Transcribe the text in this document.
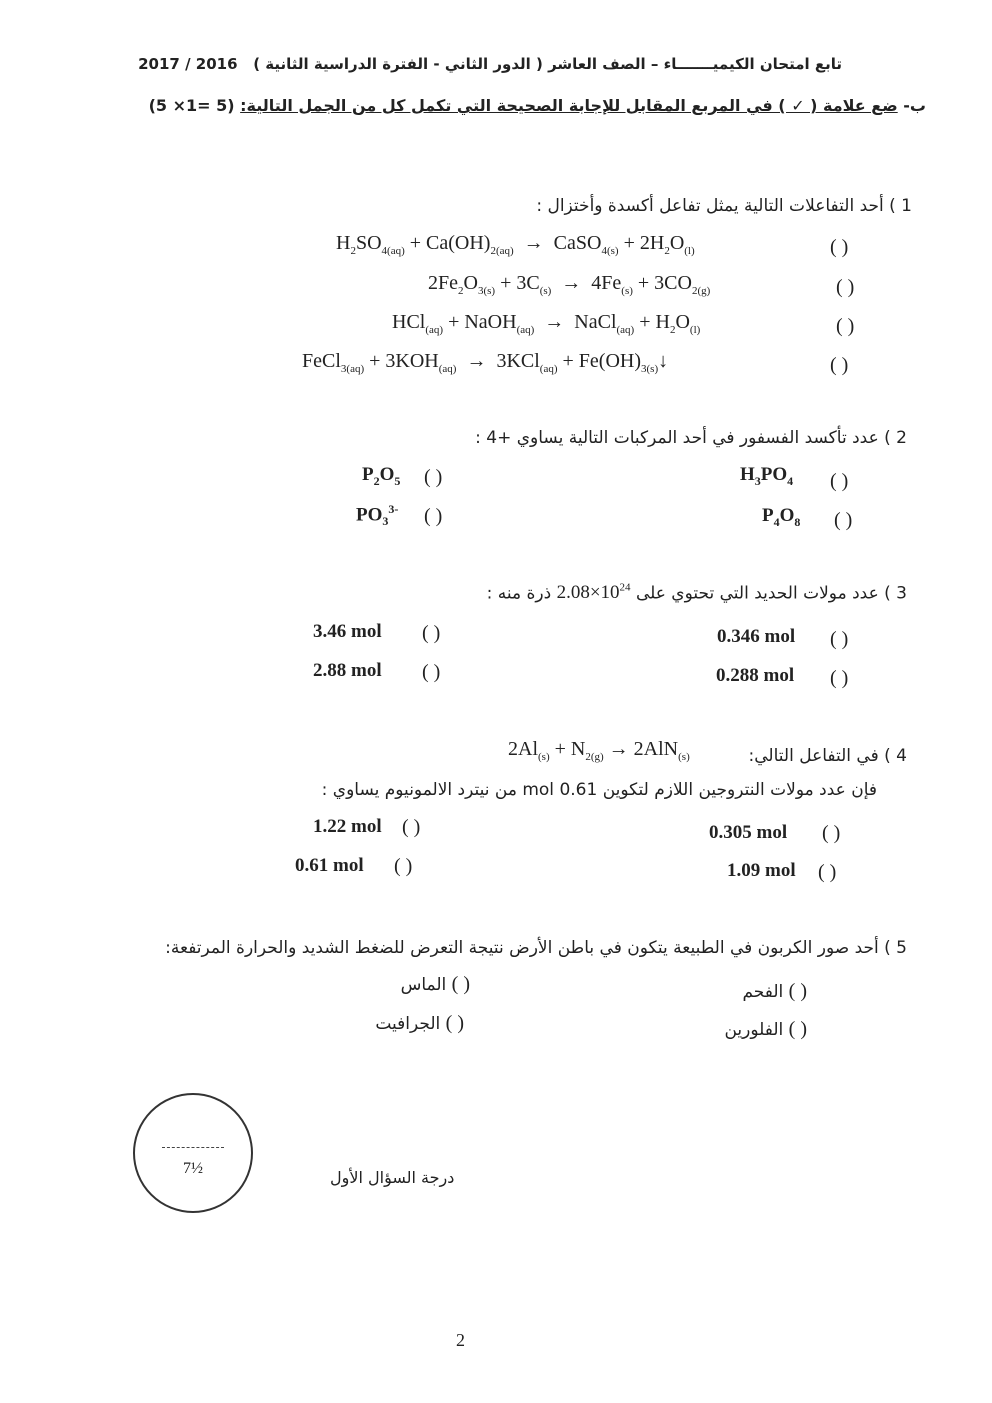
تابع امتحان الكيميـــــــاء – الصف العاشر ( الدور الثاني - الفترة الدراسية الثانية )   2017 / 2016
ب- ضع علامة ( ✓ ) في المربع المقابل للإجابة الصحيحة التي تكمل كل من الجمل التالية: (5 ×1= 5)
1 ) أحد التفاعلات التالية يمثل تفاعل أكسدة وأختزال :
$H_2SO_{4(aq)} + Ca(OH)_{2(aq)}$  →  CaSO$_{4(s)}$ + $2H_2O_{(l)}$	( )
$2Fe_2O_{3(s)} + 3C_{(s)} \to 4Fe_{(s)} + 3CO_{2(g)}$	( )
HCl$_{(aq)}$ + NaOH$_{(aq)}$  →  NaCl$_{(aq)}$ + $H_2O_{(l)}$	( )
FeCl$_{3(aq)}$ + $3KOH_{(aq)} \to 3KCl_{(aq)}$ + $Fe(OH)_{3(s)}↓$	( )
2 ) عدد تأكسد الفسفور في أحد المركبات التالية يساوي +4 :
$H_3PO_4$ ( )
$P_2O_5$ ( )
$P_4O_8$ ( )
$PO_3^{3-}$ ( )
3 ) عدد مولات الحديد التي تحتوي على $2.08\times 10^{24}$ ذرة منه :
0.346 mol ( )
3.46 mol ( )
0.288 mol ( )
2.88 mol ( )
4 ) في التفاعل التالي:
$2Al_{(s)} + N_{2(g)} \to 2AlN_{(s)}$
فإن عدد مولات النتروجين اللازم لتكوين 0.61 mol من نيترد الالمونيوم يساوي :
0.305 mol ( )
1.22 mol ( )
1.09 mol ( )
0.61 mol ( )
5 ) أحد صور الكربون في الطبيعة يتكون في باطن الأرض نتيجة التعرض للضغط الشديد والحرارة المرتفعة:
( ) الفحم
( ) الماس
( ) الفلورين
( ) الجرافيت
7½	درجة السؤال الأول
2
